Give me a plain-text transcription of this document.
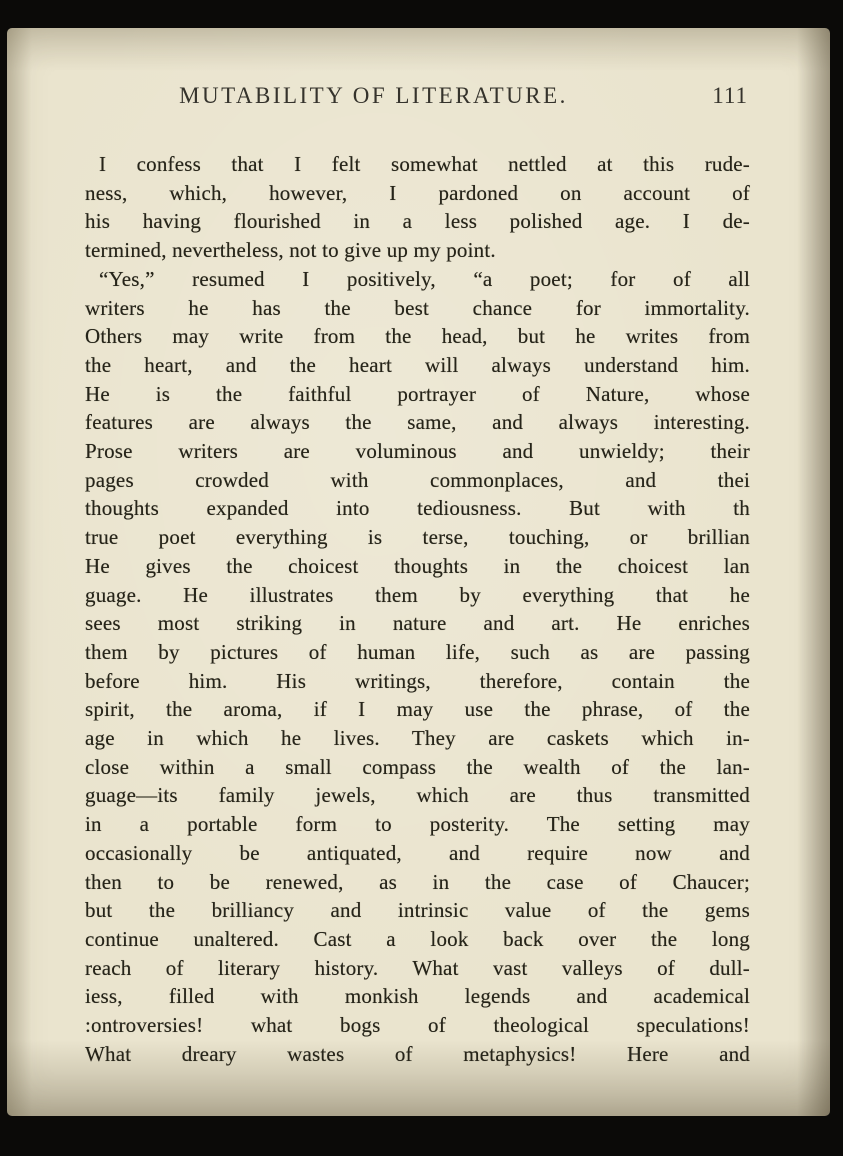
MUTABILITY OF LITERATURE.	111
I confess that I felt somewhat nettled at this rude-
ness, which, however, I pardoned on account of
his having flourished in a less polished age. I de-
termined, nevertheless, not to give up my point.
“Yes,” resumed I positively, “a poet; for of all
writers he has the best chance for immortality.
Others may write from the head, but he writes from
the heart, and the heart will always understand him.
He is the faithful portrayer of Nature, whose
features are always the same, and always interesting.
Prose writers are voluminous and unwieldy; their
pages crowded with commonplaces, and thei
thoughts expanded into tediousness. But with th
true poet everything is terse, touching, or brillian
He gives the choicest thoughts in the choicest lan
guage. He illustrates them by everything that he
sees most striking in nature and art. He enriches
them by pictures of human life, such as are passing
before him. His writings, therefore, contain the
spirit, the aroma, if I may use the phrase, of the
age in which he lives. They are caskets which in-
close within a small compass the wealth of the lan-
guage—its family jewels, which are thus transmitted
in a portable form to posterity. The setting may
occasionally be antiquated, and require now and
then to be renewed, as in the case of Chaucer;
but the brilliancy and intrinsic value of the gems
continue unaltered. Cast a look back over the long
reach of literary history. What vast valleys of dull-
iess, filled with monkish legends and academical
:ontroversies! what bogs of theological speculations!
What dreary wastes of metaphysics! Here and
